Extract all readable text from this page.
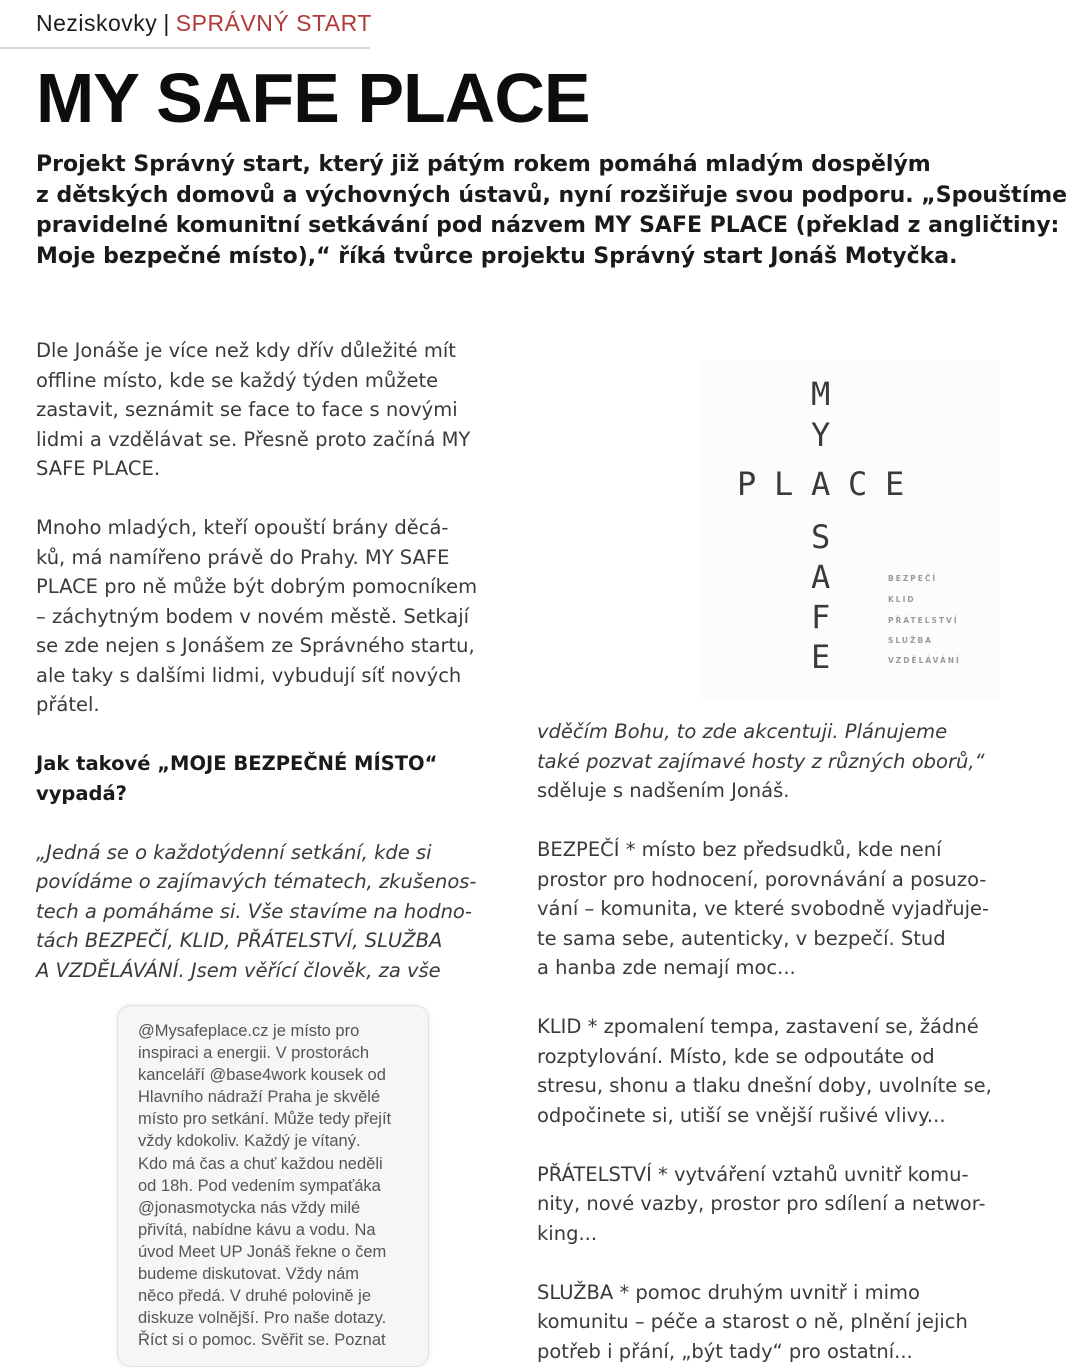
Neziskovky | SPRÁVNÝ START
MY SAFE PLACE
Projekt Správný start, který již pátým rokem pomáhá mladým dospělým
z dětských domovů a výchovných ústavů, nyní rozšiřuje svou podporu. „Spouštíme
pravidelné komunitní setkávání pod názvem MY SAFE PLACE (překlad z angličtiny:
Moje bezpečné místo),“ říká tvůrce projektu Správný start Jonáš Motyčka.

Dle Jonáše je více než kdy dřív důležité mít
offline místo, kde se každý týden můžete
zastavit, seznámit se face to face s novými
lidmi a vzdělávat se. Přesně proto začíná MY
SAFE PLACE.

Mnoho mladých, kteří opouští brány děcá-
ků, má namířeno právě do Prahy. MY SAFE
PLACE pro ně může být dobrým pomocníkem
– záchytným bodem v novém městě. Setkají
se zde nejen s Jonášem ze Správného startu,
ale taky s dalšími lidmi, vybudují síť nových
přátel.

Jak takové „MOJE BEZPEČNÉ MÍSTO“
vypadá?

„Jedná se o každotýdenní setkání, kde si
povídáme o zajímavých tématech, zkušenos-
tech a pomáháme si. Vše stavíme na hodno-
tách BEZPEČÍ, KLID, PŘÁTELSTVÍ, SLUŽBA
A VZDĚLÁVÁNÍ. Jsem věřící člověk, za vše

M
Y
P L A C E
S
A
F
E
BEZPEČÍ
KLID
PŘÁTELSTVÍ
SLUŽBA
VZDĚLÁVÁNÍ

vděčím Bohu, to zde akcentuji. Plánujeme
také pozvat zajímavé hosty z různých oborů,“
sděluje s nadšením Jonáš.

BEZPEČÍ * místo bez předsudků, kde není
prostor pro hodnocení, porovnávání a posuzo-
vání – komunita, ve které svobodně vyjadřuje-
te sama sebe, autenticky, v bezpečí. Stud
a hanba zde nemají moc...

KLID * zpomalení tempa, zastavení se, žádné
rozptylování. Místo, kde se odpoutáte od
stresu, shonu a tlaku dnešní doby, uvolníte se,
odpočinete si, utiší se vnější rušivé vlivy...

PŘÁTELSTVÍ * vytváření vztahů uvnitř komu-
nity, nové vazby, prostor pro sdílení a networ-
king...

SLUŽBA * pomoc druhým uvnitř i mimo
komunitu – péče a starost o ně, plnění jejich
potřeb i přání, „být tady“ pro ostatní...

@Mysafeplace.cz je místo pro
inspiraci a energii. V prostorách
kanceláří @base4work kousek od
Hlavního nádraží Praha je skvělé
místo pro setkání. Může tedy přejít
vždy kdokoliv. Každý je vítaný.
Kdo má čas a chuť každou neděli
od 18h. Pod vedením sympaťáka
@jonasmotycka nás vždy milé
přivítá, nabídne kávu a vodu. Na
úvod Meet UP Jonáš řekne o čem
budeme diskutovat. Vždy nám
něco předá. V druhé polovině je
diskuze volnější. Pro naše dotazy.
Říct si o pomoc. Svěřit se. Poznat
